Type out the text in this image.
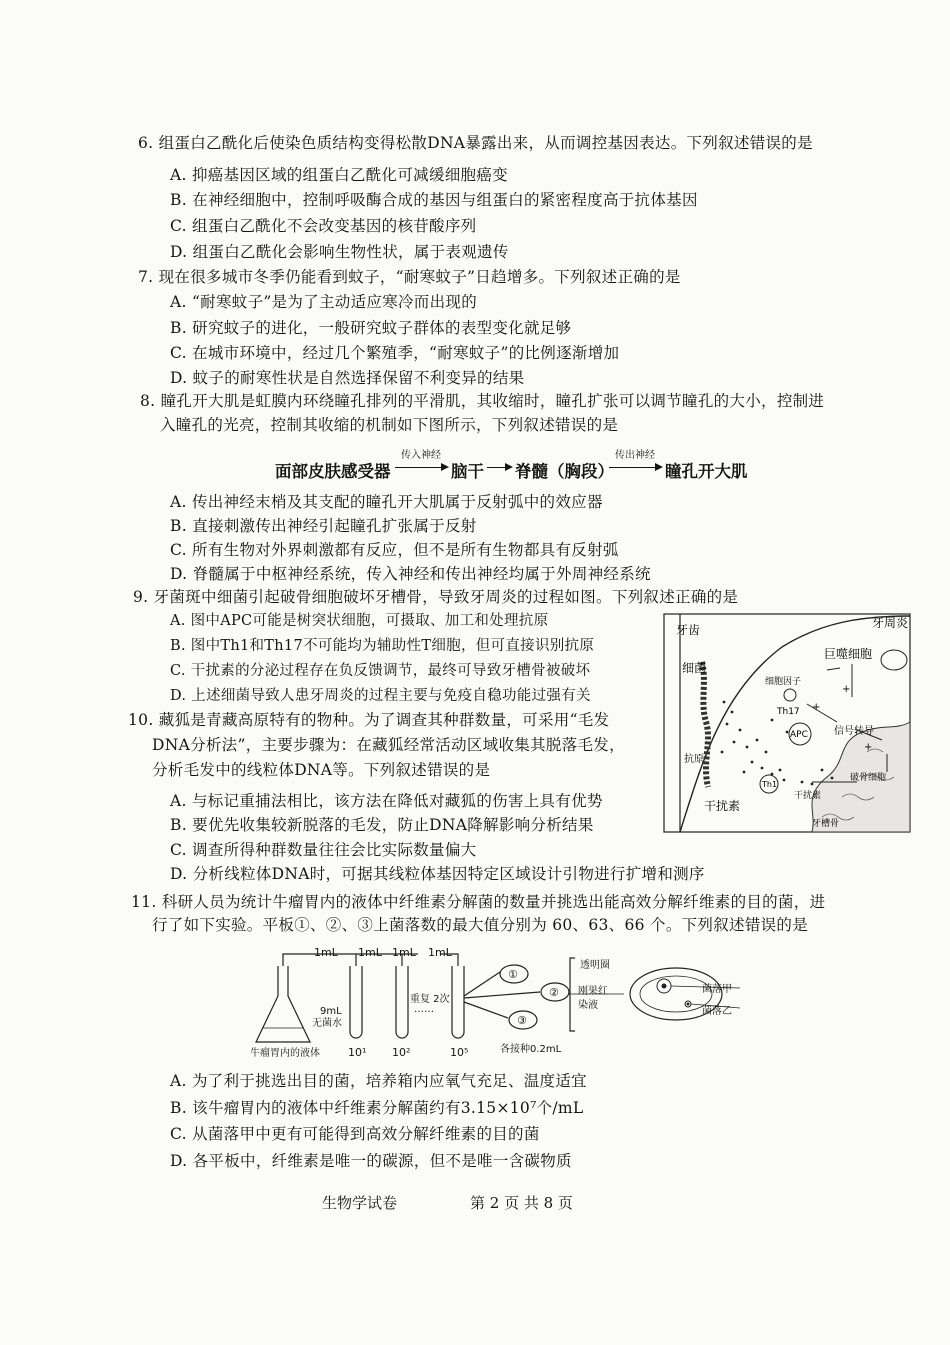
6. 组蛋白乙酰化后使染色质结构变得松散DNA暴露出来，从而调控基因表达。下列叙述错误的是
A. 抑癌基因区域的组蛋白乙酰化可减缓细胞癌变
B. 在神经细胞中，控制呼吸酶合成的基因与组蛋白的紧密程度高于抗体基因
C. 组蛋白乙酰化不会改变基因的核苷酸序列
D. 组蛋白乙酰化会影响生物性状，属于表观遗传
7. 现在很多城市冬季仍能看到蚊子，“耐寒蚊子”日趋增多。下列叙述正确的是
A. “耐寒蚊子”是为了主动适应寒冷而出现的
B. 研究蚊子的进化，一般研究蚊子群体的表型变化就足够
C. 在城市环境中，经过几个繁殖季，“耐寒蚊子”的比例逐渐增加
D. 蚊子的耐寒性状是自然选择保留不利变异的结果
8. 瞳孔开大肌是虹膜内环绕瞳孔排列的平滑肌，其收缩时，瞳孔扩张可以调节瞳孔的大小，控制进
入瞳孔的光亮，控制其收缩的机制如下图所示，下列叙述错误的是
面部皮肤感受器
传入神经
脑干
脊髓（胸段）
传出神经
瞳孔开大肌
A. 传出神经末梢及其支配的瞳孔开大肌属于反射弧中的效应器
B. 直接刺激传出神经引起瞳孔扩张属于反射
C. 所有生物对外界刺激都有反应，但不是所有生物都具有反射弧
D. 脊髓属于中枢神经系统，传入神经和传出神经均属于外周神经系统
9. 牙菌斑中细菌引起破骨细胞破坏牙槽骨，导致牙周炎的过程如图。下列叙述正确的是
A. 图中APC可能是树突状细胞，可摄取、加工和处理抗原
B. 图中Th1和Th17不可能均为辅助性T细胞，但可直接识别抗原
C. 干扰素的分泌过程存在负反馈调节，最终可导致牙槽骨被破坏
D. 上述细菌导致人患牙周炎的过程主要与免疫自稳功能过强有关
牙周炎
牙齿
细菌
巨噬细胞
细胞因子
Th17
信号转导
APC
抗原
Th1
干扰素
干扰素
破骨细胞
牙槽骨
+
+
+
10. 藏狐是青藏高原特有的物种。为了调查其种群数量，可采用“毛发
DNA分析法”，主要步骤为：在藏狐经常活动区域收集其脱落毛发，
分析毛发中的线粒体DNA等。下列叙述错误的是
A. 与标记重捕法相比，该方法在降低对藏狐的伤害上具有优势
B. 要优先收集较新脱落的毛发，防止DNA降解影响分析结果
C. 调查所得种群数量往往会比实际数量偏大
D. 分析线粒体DNA时，可据其线粒体基因特定区域设计引物进行扩增和测序
11. 科研人员为统计牛瘤胃内的液体中纤维素分解菌的数量并挑选出能高效分解纤维素的目的菌，进
行了如下实验。平板①、②、③上菌落数的最大值分别为 60、63、66 个。下列叙述错误的是
1mL 1mL 1mL 1mL
9mL
无菌水
重复 2次
……
牛瘤胃内的液体	10¹ 10²	10⁵
①
②
③
各接种0.2mL
透明圈
刚果红
染液
菌落甲
菌落乙
A. 为了利于挑选出目的菌，培养箱内应氧气充足、温度适宜
B. 该牛瘤胃内的液体中纤维素分解菌约有3.15×10⁷个/mL
C. 从菌落甲中更有可能得到高效分解纤维素的目的菌
D. 各平板中，纤维素是唯一的碳源，但不是唯一含碳物质
生物学试卷	第 2 页 共 8 页
